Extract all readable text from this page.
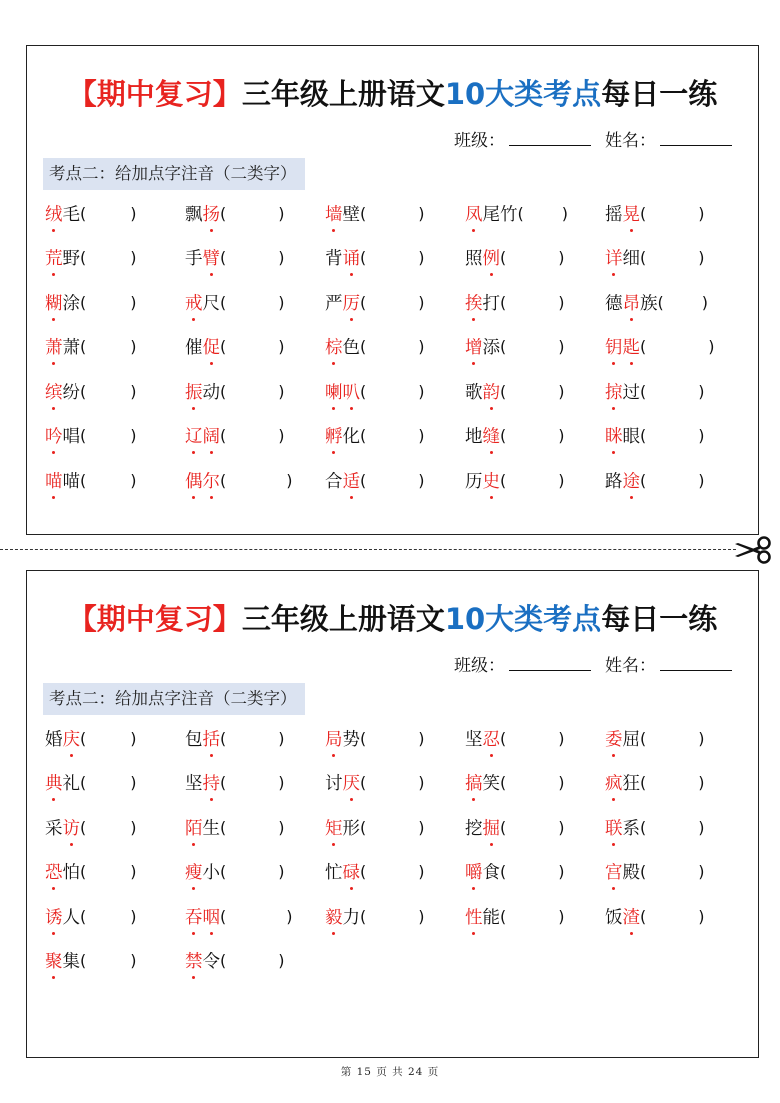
【期中复习】三年级上册语文10大类考点每日一练
班级：	姓名：
考点二：给加点字注音（二类字）
绒 毛 (	)	飘 扬 (	) 墙 壁 (	) 凤 尾 竹 ( ) 摇 晃 (	)
荒 野 (	)	手 臂 (	) 背 诵 (	) 照 例 (	) 详 细 (	)
糊 涂 (	)	戒 尺 (	) 严 厉 (	) 挨 打 (	) 德 昂 族 ( )
萧 萧 (	)	催 促 (	) 棕 色 (	) 增 添 (	) 钥 匙 (	)
缤 纷 (	)	振 动 (	) 喇 叭 (	) 歌 韵 (	) 掠 过 (	)
吟 唱 (	)	辽 阔 (	) 孵 化 (	) 地 缝 (	) 眯 眼 (	)
喵 喵 (	)	偶 尔 (	) 合 适 (	) 历 史 (	) 路 途 (	)
【期中复习】三年级上册语文10大类考点每日一练
班级：	姓名：
考点二：给加点字注音（二类字）
婚 庆 (	)	包 括 (	) 局 势 (	) 坚 忍 (	) 委 屈 (	)
典 礼 (	)	坚 持 (	) 讨 厌 (	) 搞 笑 (	) 疯 狂 (	)
采 访 (	)	陌 生 (	) 矩 形 (	) 挖 掘 (	) 联 系 (	)
恐 怕 (	)	瘦 小 (	) 忙 碌 (	) 嚼 食 (	) 宫 殿 (	)
诱 人 (	)	吞 咽 (	) 毅 力 (	) 性 能 (	) 饭 渣 (	)
聚 集 (	)	禁 令 (	)
第 15 页 共 24 页
